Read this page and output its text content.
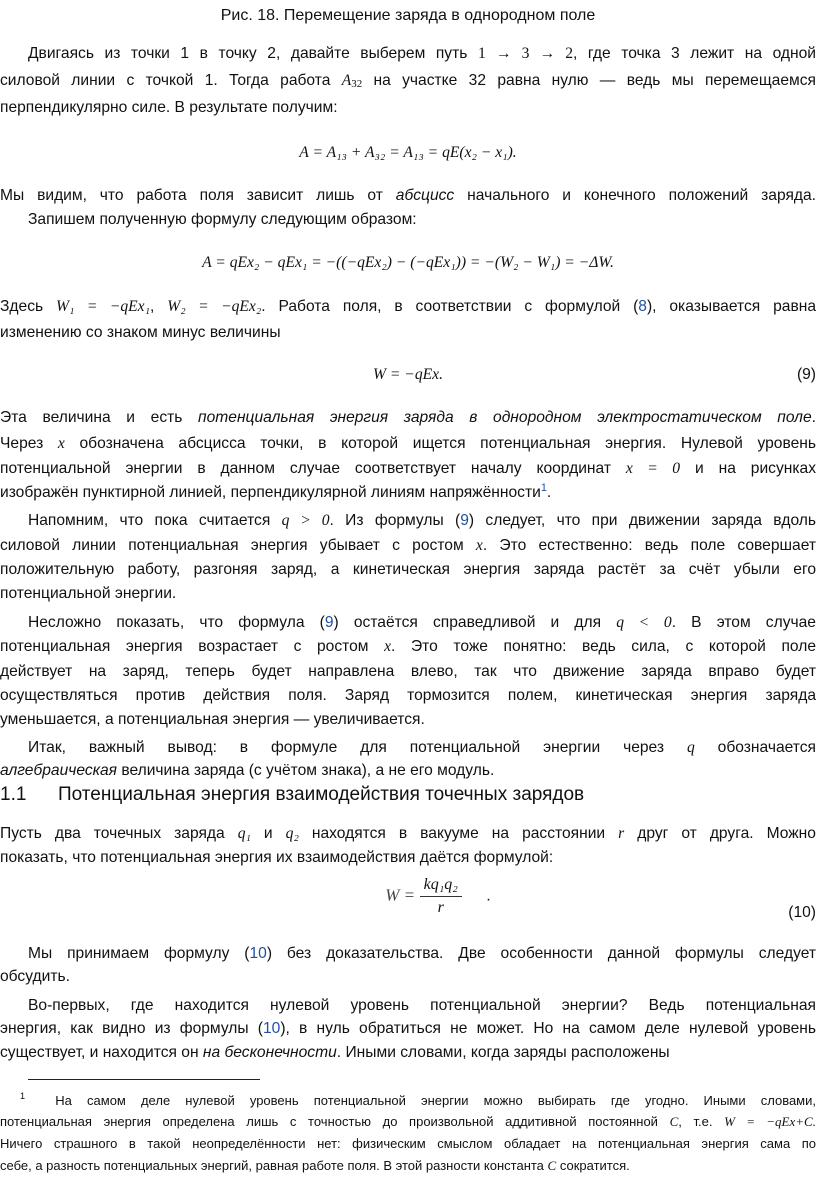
Рис. 18. Перемещение заряда в однородном поле
Двигаясь из точки 1 в точку 2, давайте выберем путь 1 → 3 → 2, где точка 3 лежит на одной
силовой линии с точкой 1. Тогда работа $A_{32}$ на участке 32 равна нулю — ведь мы перемещаемся
перпендикулярно силе. В результате получим:
A = A₁₃ + A₃₂ = A₁₃ = qE(x₂ − x₁).
Мы видим, что работа поля зависит лишь от абсцисс начального и конечного положений заряда.
Запишем полученную формулу следующим образом:
A = qEx₂ − qEx₁ = −((−qEx₂) − (−qEx₁)) = −(W₂ − W₁) = −ΔW.
Здесь W₁ = −qEx₁, W₂ = −qEx₂. Работа поля, в соответствии с формулой (8), оказывается равна
изменению со знаком минус величины
W = −qEx.	(9)
Эта величина и есть потенциальная энергия заряда в однородном электростатическом поле.
Через x обозначена абсцисса точки, в которой ищется потенциальная энергия. Нулевой уровень
потенциальной энергии в данном случае соответствует началу координат x = 0 и на рисунках
изображён пунктирной линией, перпендикулярной линиям напряжённости$^1$.
Напомним, что пока считается q > 0. Из формулы (9) следует, что при движении заряда вдоль
силовой линии потенциальная энергия убывает с ростом x. Это естественно: ведь поле совершает
положительную работу, разгоняя заряд, а кинетическая энергия заряда растёт за счёт убыли его
потенциальной энергии.
Несложно показать, что формула (9) остаётся справедливой и для q < 0. В этом случае
потенциальная энергия возрастает с ростом x. Это тоже понятно: ведь сила, с которой поле
действует на заряд, теперь будет направлена влево, так что движение заряда вправо будет
осуществляться против действия поля. Заряд тормозится полем, кинетическая энергия заряда
уменьшается, а потенциальная энергия — увеличивается.
Итак, важный вывод: в формуле для потенциальной энергии через q обозначается
алгебраическая величина заряда (с учётом знака), а не его модуль.
1.1 Потенциальная энергия взаимодействия точечных зарядов
Пусть два точечных заряда q₁ и q₂ находятся в вакууме на расстоянии r друг от друга. Можно
показать, что потенциальная энергия их взаимодействия даётся формулой:
$W = \frac{\text{kq₁q₂}}{r}$ .
(10)
Мы принимаем формулу (10) без доказательства. Две особенности данной формулы следует
обсудить.
Во-первых, где находится нулевой уровень потенциальной энергии? Ведь потенциальная
энергия, как видно из формулы (10), в нуль обратиться не может. Но на самом деле нулевой уровень
существует, и находится он на бесконечности. Иными словами, когда заряды расположены
$^1$ На самом деле нулевой уровень потенциальной энергии можно выбирать где угодно. Иными словами,
потенциальная энергия определена лишь с точностью до произвольной аддитивной постоянной C, т.е. W = −qEx+C.
Ничего страшного в такой неопределённости нет: физическим смыслом обладает на потенциальная энергия сама по
себе, а разность потенциальных энергий, равная работе поля. В этой разности константа C сократится.
